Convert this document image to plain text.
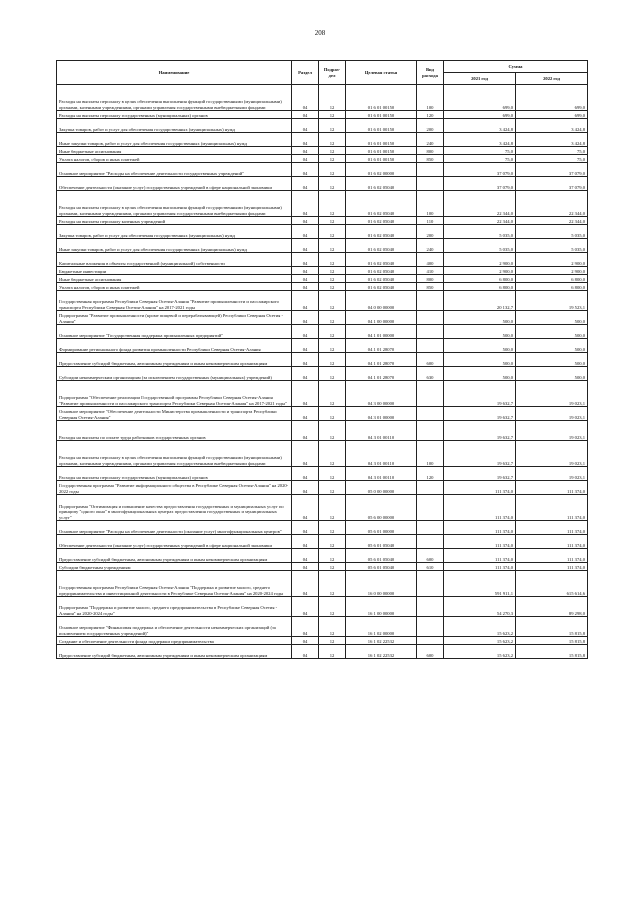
208
Наименование	Раздел	Подраз-
дел	Целевая статья	Вид расхода	Сумма	
					2021 год	2022 год
Расходы на выплаты персоналу в целях обеспечения выполнения функций государственными (муниципальными) органами, казенными учреждениями, органами управления государственными внебюджетными фондами	04	12	01 6 01 00150	100	699,0	699,0
Расходы на выплаты персоналу государственных (муниципальных) органов	04	12	01 6 01 00150	120	699,0	699,0
Закупка товаров, работ и услуг для обеспечения государственных (муниципальных) нужд	04	12	01 6 01 00150	200	3 424,8	3 424,8
Иные закупки товаров, работ и услуг для обеспечения государственных (муниципальных) нужд	04	12	01 6 01 00150	240	3 424,8	3 424,8
Иные бюджетные ассигнования	04	12	01 6 01 00150	800	75,0	75,0
Уплата налогов, сборов и иных платежей	04	12	01 6 01 00150	850	75,0	75,0
Основное мероприятие "Расходы на обеспечение деятельности государственных учреждений"	04	12	01 6 02 00000		37 079,0	37 079,0
Обеспечение деятельности (оказание услуг) государственных учреждений в сфере национальной экономики	04	12	01 6 02 05040		37 079,0	37 079,0
Расходы на выплаты персоналу в целях обеспечения выполнения функций государственными (муниципальными) органами, казенными учреждениями, органами управления государственными внебюджетными фондами	04	12	01 6 02 05040	100	22 344,0	22 344,0
Расходы на выплаты персоналу казенных учреждений	04	12	01 6 02 05040	110	22 344,0	22 344,0
Закупка товаров, работ и услуг для обеспечения государственных (муниципальных) нужд	04	12	01 6 02 05040	200	5 035,0	5 035,0
Иные закупки товаров, работ и услуг для обеспечения государственных (муниципальных) нужд	04	12	01 6 02 05040	240	5 035,0	5 035,0
Капитальные вложения в объекты государственной (муниципальной) собственности	04	12	01 6 02 05040	400	2 900,0	2 900,0
Бюджетные инвестиции	04	12	01 6 02 05040	410	2 900,0	2 900,0
Иные бюджетные ассигнования	04	12	01 6 02 05040	800	6 800,0	6 800,0
Уплата налогов, сборов и иных платежей	04	12	01 6 02 05040	850	6 800,0	6 800,0
Государственная программа Республики Северная Осетия-Алания "Развитие промышленности и пассажирского транспорта Республики Северная Осетия-Алания" на 2017-2021 годы	04	12	04 0 00 00000		20 132,7	19 523,1
Подпрограмма "Развитие промышленности (кроме пищевой и перерабатывающей) Республики Северная Осетия - Алания"	04	12	04 1 00 00000		500,0	500,0
Основное мероприятие "Государственная поддержка промышленных предприятий"	04	12	04 1 01 00000		500,0	500,0
Формирование регионального фонда развития промышленности Республики Северная Осетия-Алания	04	12	04 1 01 28070		500,0	500,0
Предоставление субсидий бюджетным, автономным учреждениям и иным некоммерческим организациям	04	12	04 1 01 28070	600	500,0	500,0
Субсидии некоммерческим организациям (за исключением государственных (муниципальных) учреждений)	04	12	04 1 01 28070	630	500,0	500,0
Подпрограмма "Обеспечение реализации Государственной программы Республики Северная Осетия-Алания "Развитие промышленности и пассажирского транспорта Республики Северная Осетия-Алания" на 2017-2021 годы"	04	12	04 3 00 00000		19 632,7	19 023,1
Основное мероприятие "Обеспечение деятельности Министерства промышленности и транспорта Республики Северная Осетия-Алания"	04	12	04 3 01 00000		19 632,7	19 023,1
Расходы на выплаты по оплате труда работников государственных органов	04	12	04 3 01 00110		19 632,7	19 023,1
Расходы на выплаты персоналу в целях обеспечения выполнения функций государственными (муниципальными) органами, казенными учреждениями, органами управления государственными внебюджетными фондами	04	12	04 3 01 00110	100	19 632,7	19 023,1
Расходы на выплаты персоналу государственных (муниципальных) органов	04	12	04 3 01 00110	120	19 632,7	19 023,1
Государственная программа "Развитие информационного общества в Республике Северная Осетия-Алания" на 2020-2022 годы	04	12	05 0 00 00000		111 374,0	111 374,0
Подпрограмма "Оптимизация и повышение качества предоставления государственных и муниципальных услуг по принципу "одного окна" в многофункциональных центрах предоставления государственных и муниципальных услуг"	04	12	05 6 00 00000		111 374,0	111 374,0
Основное мероприятие "Расходы на обеспечение деятельности (оказание услуг) многофункциональных центров"	04	12	05 6 01 00000		111 374,0	111 374,0
Обеспечение деятельности (оказание услуг) государственных учреждений в сфере национальной экономики	04	12	05 6 01 05040		111 374,0	111 374,0
Предоставление субсидий бюджетным, автономным учреждениям и иным некоммерческим организациям	04	12	05 6 01 05040	600	111 374,0	111 374,0
Субсидии бюджетным учреждениям	04	12	05 6 01 05040	610	111 374,0	111 374,0
Государственная программа Республики Северная Осетия-Алания "Поддержка и развитие малого, среднего предпринимательства и инвестиционной деятельности в Республике Северная Осетия-Алания" на 2020-2024 годы	04	12	16 0 00 00000		591 911,1	615 614,6
Подпрограмма "Поддержка и развитие малого, среднего предпринимательства в Республике Северная Осетия - Алания" на 2020-2024 годы"	04	12	16 1 00 00000		54 270,3	89 298,0
Основное мероприятие "Финансовая поддержка и обеспечение деятельности некоммерческих организаций (за исключением государственных учреждений)"	04	12	16 1 02 00000		15 623,2	15 815,8
Создание и обеспечение деятельности фонда поддержки предпринимательства	04	12	16 1 02 22532		15 623,2	15 815,8
Предоставление субсидий бюджетным, автономным учреждениям и иным некоммерческим организациям	04	12	16 1 02 22532	600	15 623,2	15 815,8
